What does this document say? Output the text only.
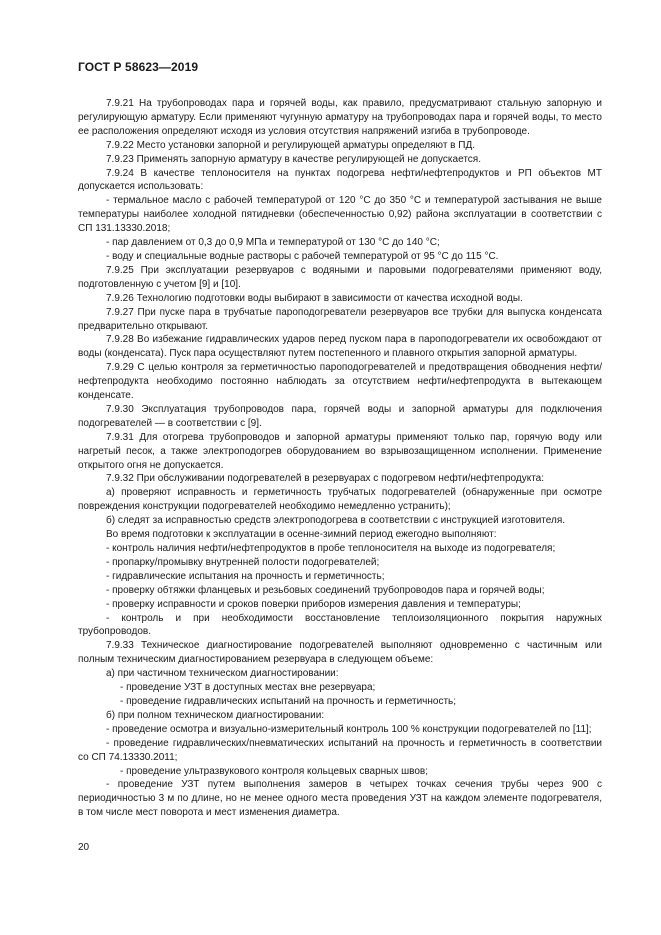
ГОСТ Р 58623—2019

7.9.21 На трубопроводах пара и горячей воды, как правило, предусматривают стальную запорную и регулирующую арматуру. Если применяют чугунную арматуру на трубопроводах пара и горячей воды, то место ее расположения определяют исходя из условия отсутствия напряжений изгиба в трубопроводе.

7.9.22 Место установки запорной и регулирующей арматуры определяют в ПД.

7.9.23 Применять запорную арматуру в качестве регулирующей не допускается.

7.9.24 В качестве теплоносителя на пунктах подогрева нефти/нефтепродуктов и РП объектов МТ допускается использовать:

- термальное масло с рабочей температурой от 120 °С до 350 °С и температурой застывания не выше температуры наиболее холодной пятидневки (обеспеченностью 0,92) района эксплуатации в соответствии с СП 131.13330.2018;

- пар давлением от 0,3 до 0,9 МПа и температурой от 130 °С до 140 °С;

- воду и специальные водные растворы с рабочей температурой от 95 °С до 115 °С.

7.9.25 При эксплуатации резервуаров с водяными и паровыми подогревателями применяют воду, подготовленную с учетом [9] и [10].

7.9.26 Технологию подготовки воды выбирают в зависимости от качества исходной воды.

7.9.27 При пуске пара в трубчатые пароподогреватели резервуаров все трубки для выпуска конденсата предварительно открывают.

7.9.28 Во избежание гидравлических ударов перед пуском пара в пароподогреватели их освобождают от воды (конденсата). Пуск пара осуществляют путем постепенного и плавного открытия запорной арматуры.

7.9.29 С целью контроля за герметичностью пароподогревателей и предотвращения обводнения нефти/нефтепродукта необходимо постоянно наблюдать за отсутствием нефти/нефтепродукта в вытекающем конденсате.

7.9.30 Эксплуатация трубопроводов пара, горячей воды и запорной арматуры для подключения подогревателей — в соответствии с [9].

7.9.31 Для отогрева трубопроводов и запорной арматуры применяют только пар, горячую воду или нагретый песок, а также электроподогрев оборудованием во взрывозащищенном исполнении. Применение открытого огня не допускается.

7.9.32 При обслуживании подогревателей в резервуарах с подогревом нефти/нефтепродукта:

а) проверяют исправность и герметичность трубчатых подогревателей (обнаруженные при осмотре повреждения конструкции подогревателей необходимо немедленно устранить);

б) следят за исправностью средств электроподогрева в соответствии с инструкцией изготовителя.

Во время подготовки к эксплуатации в осенне-зимний период ежегодно выполняют:

- контроль наличия нефти/нефтепродуктов в пробе теплоносителя на выходе из подогревателя;

- пропарку/промывку внутренней полости подогревателей;

- гидравлические испытания на прочность и герметичность;

- проверку обтяжки фланцевых и резьбовых соединений трубопроводов пара и горячей воды;

- проверку исправности и сроков поверки приборов измерения давления и температуры;

- контроль и при необходимости восстановление теплоизоляционного покрытия наружных трубопроводов.

7.9.33 Техническое диагностирование подогревателей выполняют одновременно с частичным или полным техническим диагностированием резервуара в следующем объеме:

а) при частичном техническом диагностировании:

- проведение УЗТ в доступных местах вне резервуара;

- проведение гидравлических испытаний на прочность и герметичность;

б) при полном техническом диагностировании:

- проведение осмотра и визуально-измерительный контроль 100 % конструкции подогревателей по [11];

- проведение гидравлических/пневматических испытаний на прочность и герметичность в соответствии со СП 74.13330.2011;

- проведение ультразвукового контроля кольцевых сварных швов;

- проведение УЗТ путем выполнения замеров в четырех точках сечения трубы через 900 с периодичностью 3 м по длине, но не менее одного места проведения УЗТ на каждом элементе подогревателя, в том числе мест поворота и мест изменения диаметра.

20
